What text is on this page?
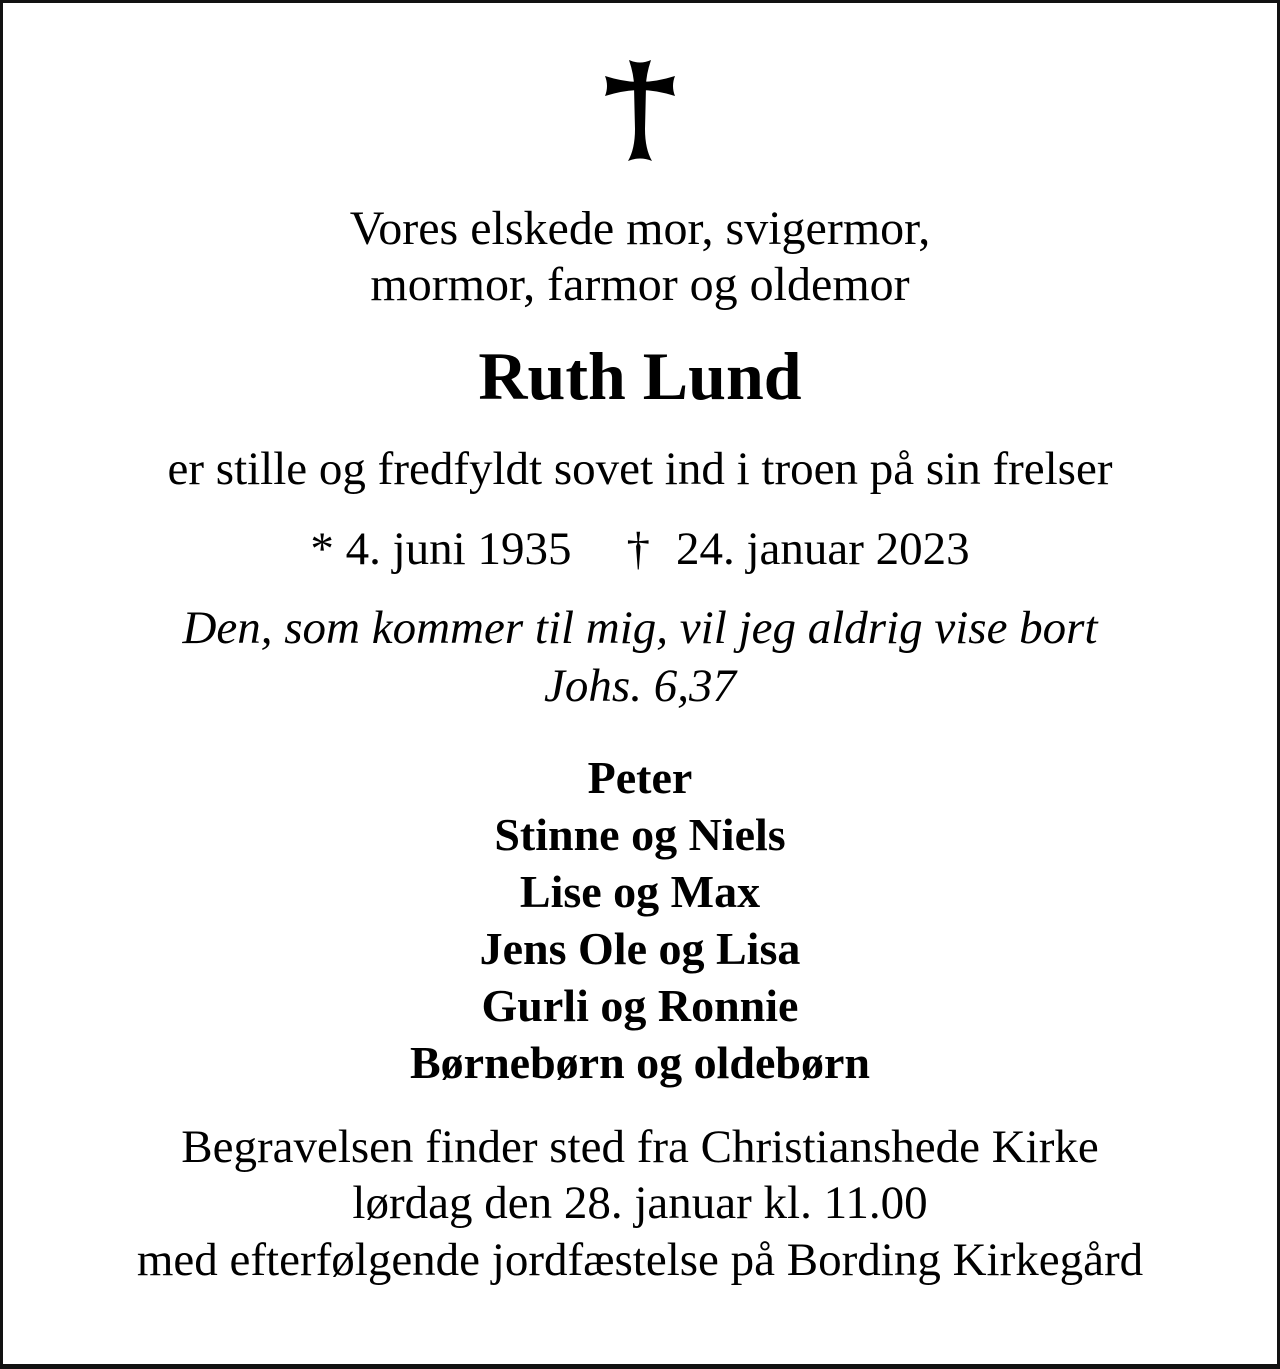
Vores elskede mor, svigermor,
mormor, farmor og oldemor
Ruth Lund
er stille og fredfyldt sovet ind i troen på sin frelser
* 4. juni 1935 † 24. januar 2023
Den, som kommer til mig, vil jeg aldrig vise bort
Johs. 6,37
Peter
Stinne og Niels
Lise og Max
Jens Ole og Lisa
Gurli og Ronnie
Børnebørn og oldebørn
Begravelsen finder sted fra Christianshede Kirke
lørdag den 28. januar kl. 11.00
med efterfølgende jordfæstelse på Bording Kirkegård
